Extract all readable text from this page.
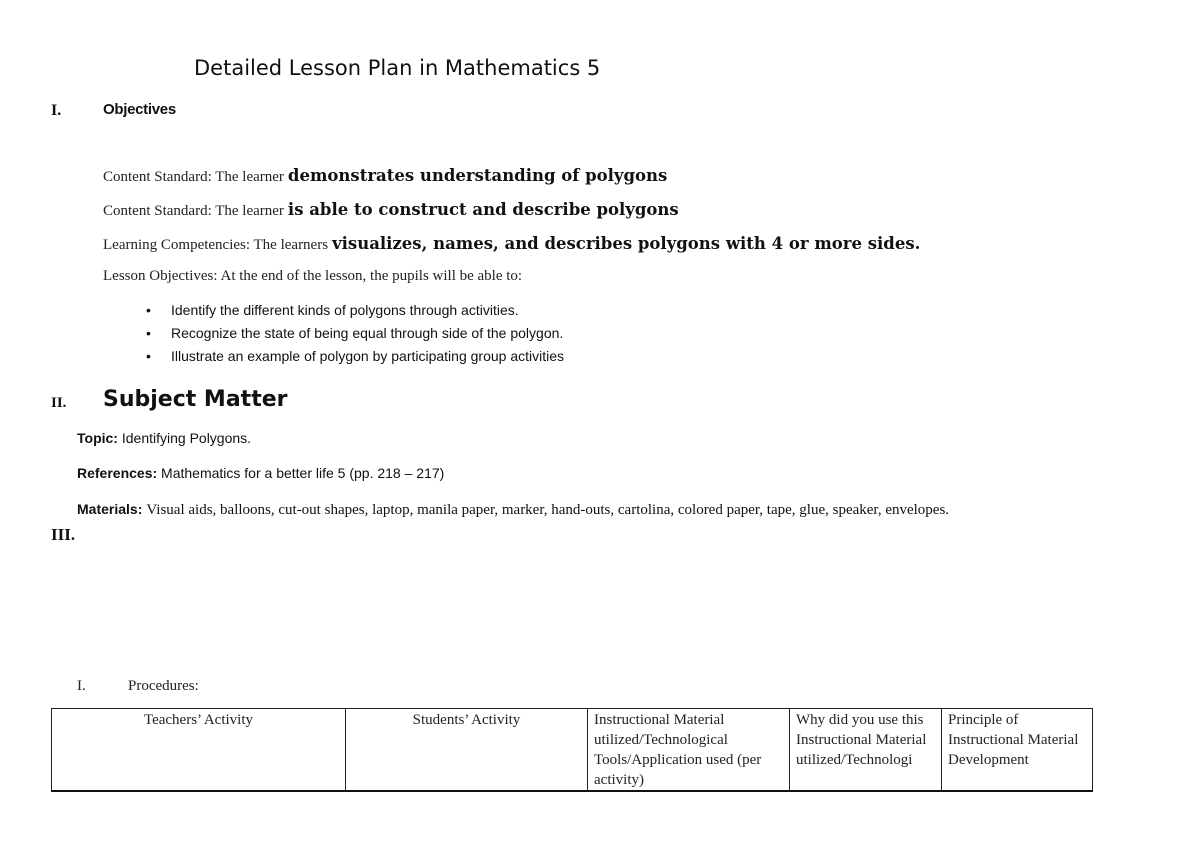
Detailed Lesson Plan in Mathematics 5
I.	Objectives
Content Standard: The learner demonstrates understanding of polygons
Content Standard: The learner is able to construct and describe polygons
Learning Competencies: The learners visualizes, names, and describes polygons with 4 or more sides.
Lesson Objectives: At the end of the lesson, the pupils will be able to:
• Identify the different kinds of polygons through activities.
• Recognize the state of being equal through side of the polygon.
• Illustrate an example of polygon by participating group activities
II. Subject Matter
Topic: Identifying Polygons.
References: Mathematics for a better life 5 (pp. 218 – 217)
Materials: Visual aids, balloons, cut-out shapes, laptop, manila paper, marker, hand-outs, cartolina, colored paper, tape, glue, speaker, envelopes.
III.
I.	Procedures:
Teachers’ Activity	Students’ Activity	Instructional Material utilized/Technological Tools/Application used (per activity)	Why did you use this Instructional Material utilized/Technologi	Principle of Instructional Material Development
